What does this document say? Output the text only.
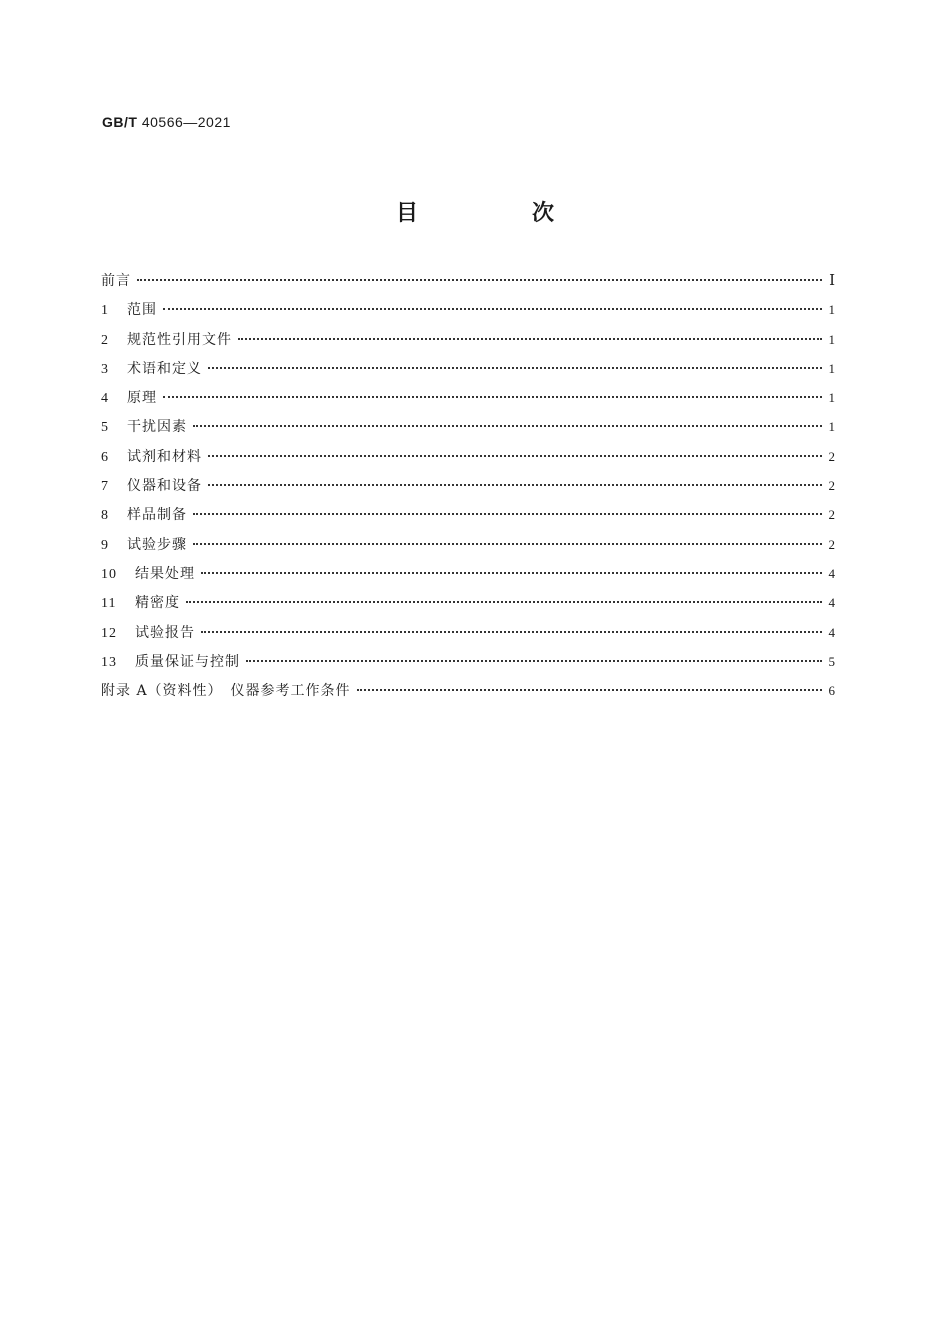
GB/T 40566—2021
目　次
前言	Ⅰ
1	范围	1
2	规范性引用文件	1
3	术语和定义	1
4	原理	1
5	干扰因素	1
6	试剂和材料	2
7	仪器和设备	2
8	样品制备	2
9	试验步骤	2
10	结果处理	4
11	精密度	4
12	试验报告	4
13	质量保证与控制	5
附录 A（资料性）　仪器参考工作条件	6
